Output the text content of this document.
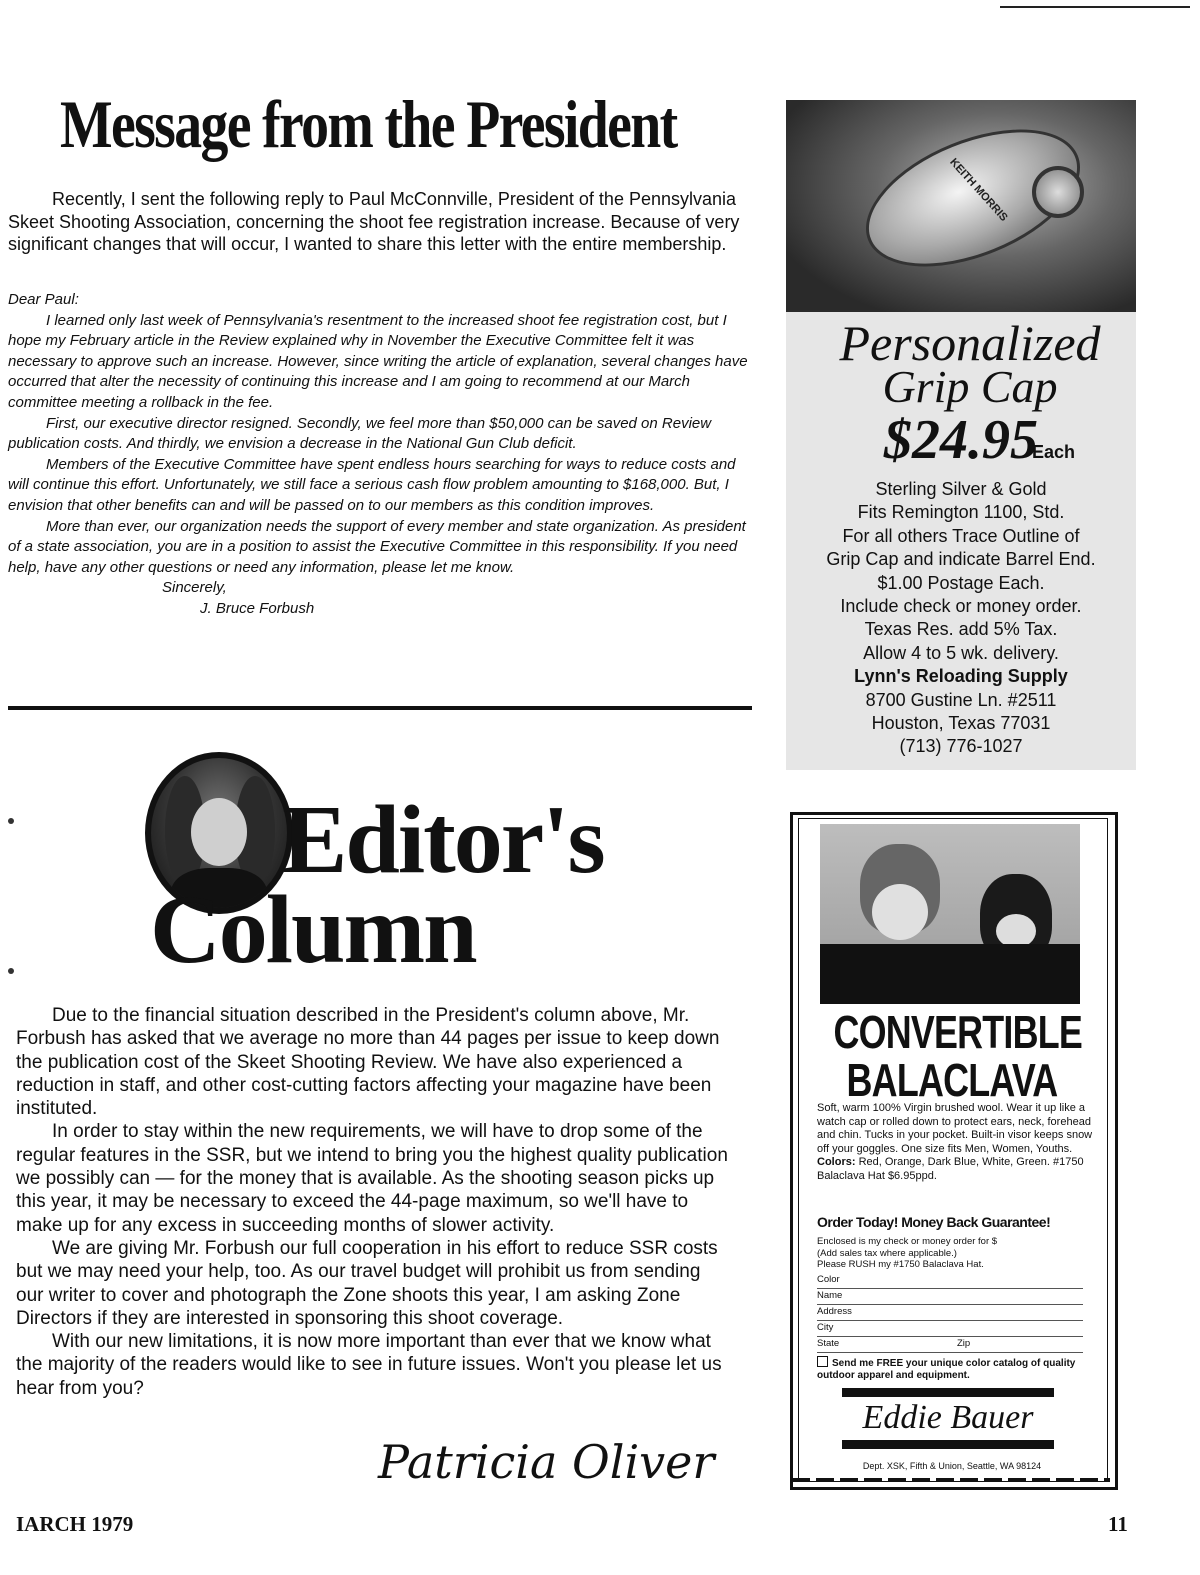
Message from the President

Recently, I sent the following reply to Paul McConnville, President of the Pennsylvania Skeet Shooting Association, concerning the shoot fee registration increase. Because of very significant changes that will occur, I wanted to share this letter with the entire membership.

Dear Paul:

I learned only last week of Pennsylvania's resentment to the increased shoot fee registration cost, but I hope my February article in the Review explained why in November the Executive Committee felt it was necessary to approve such an increase. However, since writing the article of explanation, several changes have occurred that alter the necessity of continuing this increase and I am going to recommend at our March committee meeting a rollback in the fee.

First, our executive director resigned. Secondly, we feel more than $50,000 can be saved on Review publication costs. And thirdly, we envision a decrease in the National Gun Club deficit.

Members of the Executive Committee have spent endless hours searching for ways to reduce costs and will continue this effort. Unfortunately, we still face a serious cash flow problem amounting to $168,000. But, I envision that other benefits can and will be passed on to our members as this condition improves.

More than ever, our organization needs the support of every member and state organization. As president of a state association, you are in a position to assist the Executive Committee in this responsibility. If you need help, have any other questions or need any information, please let me know.

Sincerely,

J. Bruce Forbush

Editor's
Column

Due to the financial situation described in the President's column above, Mr. Forbush has asked that we average no more than 44 pages per issue to keep down the publication cost of the Skeet Shooting Review. We have also experienced a reduction in staff, and other cost-cutting factors affecting your magazine have been instituted.

In order to stay within the new requirements, we will have to drop some of the regular features in the SSR, but we intend to bring you the highest quality publication we possibly can — for the money that is available. As the shooting season picks up this year, it may be necessary to exceed the 44-page maximum, so we'll have to make up for any excess in succeeding months of slower activity.

We are giving Mr. Forbush our full cooperation in his effort to reduce SSR costs but we may need your help, too. As our travel budget will prohibit us from sending our writer to cover and photograph the Zone shoots this year, I am asking Zone Directors if they are interested in sponsoring this shoot coverage.

With our new limitations, it is now more important than ever that we know what the majority of the readers would like to see in future issues. Won't you please let us hear from you?

Patricia Oliver
IARCH 1979	11
KEITH MORRIS
Personalized
Grip Cap
$24.95
Each
Sterling Silver & Gold
Fits Remington 1100, Std.
For all others Trace Outline of
Grip Cap and indicate Barrel End.
$1.00 Postage Each.
Include check or money order.
Texas Res. add 5% Tax.
Allow 4 to 5 wk. delivery.
Lynn's Reloading Supply
8700 Gustine Ln. #2511
Houston, Texas 77031
(713) 776-1027
CONVERTIBLE
BALACLAVA
Soft, warm 100% Virgin brushed wool. Wear it up like a watch cap or rolled down to protect ears, neck, forehead and chin. Tucks in your pocket. Built-in visor keeps snow off your goggles. One size fits Men, Women, Youths. Colors: Red, Orange, Dark Blue, White, Green. #1750 Balaclava Hat $6.95ppd.
Order Today! Money Back Guarantee!
Enclosed is my check or money order for $
(Add sales tax where applicable.)
Please RUSH my #1750 Balaclava Hat.
Color
Name
Address
City
State	Zip
Send me FREE your unique color catalog of quality outdoor apparel and equipment.
Eddie Bauer
Dept. XSK, Fifth & Union, Seattle, WA 98124
